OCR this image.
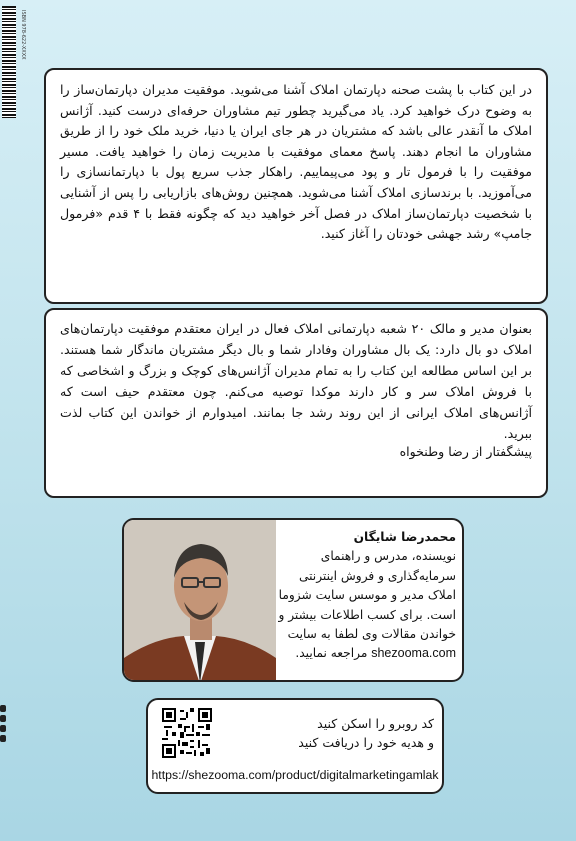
ISBN 978-622-XXXX

در این کتاب با پشت صحنه دپارتمان املاک آشنا می‌شوید. موفقیت مدیران دپارتمان‌ساز را به وضوح درک خواهید کرد. یاد می‌گیرید چطور تیم مشاوران حرفه‌ای درست کنید. آژانس املاک ما آنقدر عالی باشد که مشتریان در هر جای ایران یا دنیا، خرید ملک خود را از طریق مشاوران ما انجام دهند. پاسخ معمای موفقیت با مدیریت زمان را خواهید یافت. مسیر موفقیت را با فرمول تار و پود می‌پیماییم. راهکار جذب سریع پول با دپارتمانسازی را می‌آموزید. با برندسازی املاک آشنا می‌شوید. همچنین روش‌های بازاریابی را پس از آشنایی با شخصیت دپارتمان‌ساز املاک در فصل آخر خواهید دید که چگونه فقط با ۴ قدم «فرمول جامپ» رشد جهشی خودتان را آغاز کنید.

بعنوان مدیر و مالک ۲۰ شعبه دپارتمانی املاک فعال در ایران معتقدم موفقیت دپارتمان‌های املاک دو بال دارد: یک بال مشاوران وفادار شما و بال دیگر مشتریان ماندگار شما هستند. بر این اساس مطالعه این کتاب را به تمام مدیران آژانس‌های کوچک و بزرگ و اشخاصی که با فروش املاک سر و کار دارند موکدا توصیه می‌کنم. چون معتقدم حیف است که آژانس‌های املاک ایرانی از این روند رشد جا بمانند. امیدوارم از خواندن این کتاب لذت ببرید.

پیشگفتار از رضا وطنخواه

محمدرضا شایگان
نویسنده، مدرس و راهنمای سرمایه‌گذاری و فروش اینترنتی املاک مدیر و موسس سایت شزوما است. برای کسب اطلاعات بیشتر و خواندن مقالات وی لطفا به سایت
shezooma.com مراجعه نمایید.
کد روبرو را اسکن کنید
و هدیه خود را دریافت کنید
https://shezooma.com/product/digitalmarketingamlak
